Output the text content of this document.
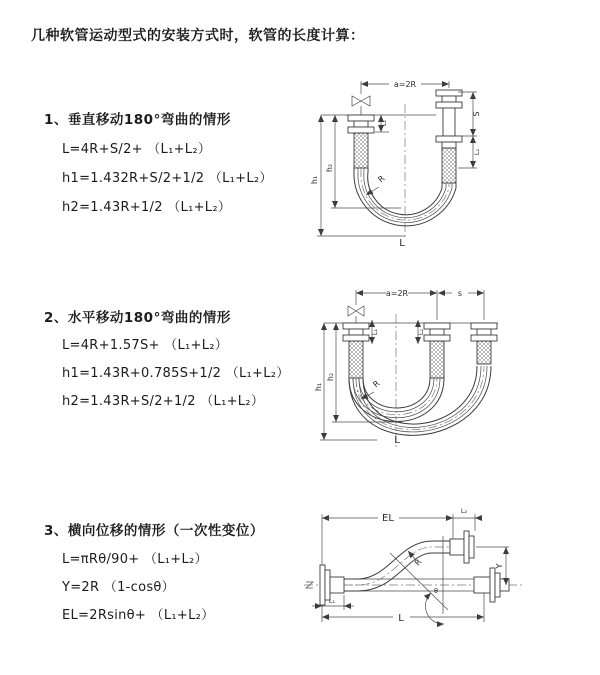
几种软管运动型式的安装方式时，软管的长度计算：
1、垂直移动180°弯曲的情形
L=4R+S/2+ （L₁+L₂）
h1=1.432R+S/2+1/2 （L₁+L₂）
h2=1.43R+1/2 （L₁+L₂）
a=2R
h₁
h₂
L₁
S
L₂
R
L
2、水平移动180°弯曲的情形
L=4R+1.57S+ （L₁+L₂）
h1=1.43R+0.785S+1/2 （L₁+L₂）
h2=1.43R+S/2+1/2 （L₁+L₂）
a=2R	s
h₁
h₂
L₁	L₂
R
L
3、横向位移的情形（一次性变位）
L=πRθ/90+ （L₁+L₂）
Y=2R （1-cosθ）
EL=2Rsinθ+ （L₁+L₂）
θ
R
EL
L₂
Y
L
L₁
